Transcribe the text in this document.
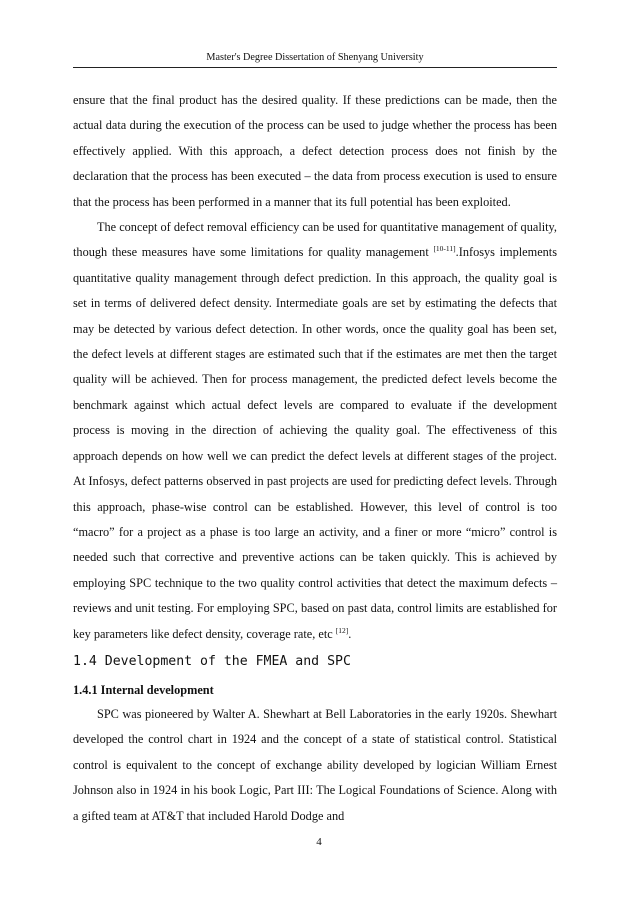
Master's Degree Dissertation of Shenyang University

ensure that the final product has the desired quality. If these predictions can be made, then the actual data during the execution of the process can be used to judge whether the process has been effectively applied. With this approach, a defect detection process does not finish by the declaration that the process has been executed – the data from process execution is used to ensure that the process has been performed in a manner that its full potential has been exploited.

The concept of defect removal efficiency can be used for quantitative management of quality, though these measures have some limitations for quality management [10-11].Infosys implements quantitative quality management through defect prediction. In this approach, the quality goal is set in terms of delivered defect density. Intermediate goals are set by estimating the defects that may be detected by various defect detection. In other words, once the quality goal has been set, the defect levels at different stages are estimated such that if the estimates are met then the target quality will be achieved. Then for process management, the predicted defect levels become the benchmark against which actual defect levels are compared to evaluate if the development process is moving in the direction of achieving the quality goal. The effectiveness of this approach depends on how well we can predict the defect levels at different stages of the project. At Infosys, defect patterns observed in past projects are used for predicting defect levels. Through this approach, phase-wise control can be established. However, this level of control is too “macro” for a project as a phase is too large an activity, and a finer or more “micro” control is needed such that corrective and preventive actions can be taken quickly. This is achieved by employing SPC technique to the two quality control activities that detect the maximum defects –reviews and unit testing. For employing SPC, based on past data, control limits are established for key parameters like defect density, coverage rate, etc [12].

1.4 Development of the FMEA and SPC
1.4.1 Internal development

SPC was pioneered by Walter A. Shewhart at Bell Laboratories in the early 1920s. Shewhart developed the control chart in 1924 and the concept of a state of statistical control. Statistical control is equivalent to the concept of exchange ability developed by logician William Ernest Johnson also in 1924 in his book Logic, Part III: The Logical Foundations of Science. Along with a gifted team at AT&T that included Harold Dodge and

4
